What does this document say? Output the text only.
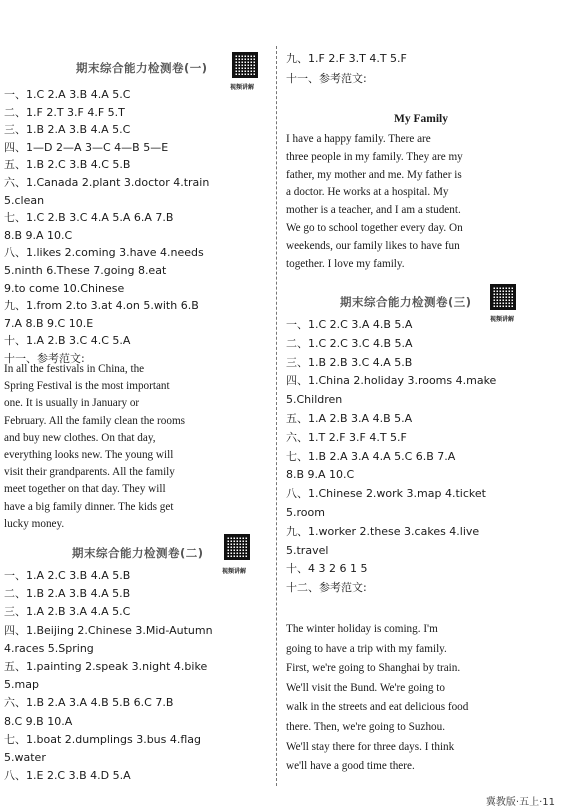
视频讲解
期末综合能力检测卷(一)
一、1.C 2.A 3.B 4.A 5.C
二、1.F 2.T 3.F 4.F 5.T
三、1.B 2.A 3.B 4.A 5.C
四、1—D 2—A 3—C 4—B 5—E
五、1.B 2.C 3.B 4.C 5.B
六、1.Canada 2.plant 3.doctor 4.train
5.clean
七、1.C 2.B 3.C 4.A 5.A 6.A 7.B
8.B 9.A 10.C
八、1.likes 2.coming 3.have 4.needs
5.ninth 6.These 7.going 8.eat
9.to come 10.Chinese
九、1.from 2.to 3.at 4.on 5.with 6.B
7.A 8.B 9.C 10.E
十、1.A 2.B 3.C 4.C 5.A
十一、参考范文:
In all the festivals in China, the
Spring Festival is the most important
one. It is usually in January or
February. All the family clean the rooms
and buy new clothes. On that day,
everything looks new. The young will
visit their grandparents. All the family
meet together on that day. They will
have a big family dinner. The kids get
lucky money.
视频讲解
期末综合能力检测卷(二)
一、1.A 2.C 3.B 4.A 5.B
二、1.B 2.A 3.B 4.A 5.B
三、1.A 2.B 3.A 4.A 5.C
四、1.Beijing 2.Chinese 3.Mid-Autumn
4.races 5.Spring
五、1.painting 2.speak 3.night 4.bike
5.map
六、1.B 2.A 3.A 4.B 5.B 6.C 7.B
8.C 9.B 10.A
七、1.boat 2.dumplings 3.bus 4.flag
5.water
八、1.E 2.C 3.B 4.D 5.A
九、1.F 2.F 3.T 4.T 5.F
十一、参考范文:
My Family
I have a happy family. There are
three people in my family. They are my
father, my mother and me. My father is
a doctor. He works at a hospital. My
mother is a teacher, and I am a student.
We go to school together every day. On
weekends, our family likes to have fun
together. I love my family.
视频讲解
期末综合能力检测卷(三)
一、1.C 2.C 3.A 4.B 5.A
二、1.C 2.C 3.C 4.B 5.A
三、1.B 2.B 3.C 4.A 5.B
四、1.China 2.holiday 3.rooms 4.make
5.Children
五、1.A 2.B 3.A 4.B 5.A
六、1.T 2.F 3.F 4.T 5.F
七、1.B 2.A 3.A 4.A 5.C 6.B 7.A
8.B 9.A 10.C
八、1.Chinese 2.work 3.map 4.ticket
5.room
九、1.worker 2.these 3.cakes 4.live
5.travel
十、4 3 2 6 1 5
十二、参考范文:
The winter holiday is coming. I'm
going to have a trip with my family.
First, we're going to Shanghai by train.
We'll visit the Bund. We're going to
walk in the streets and eat delicious food
there. Then, we're going to Suzhou.
We'll stay there for three days. I think
we'll have a good time there.
冀教版·五上·11
